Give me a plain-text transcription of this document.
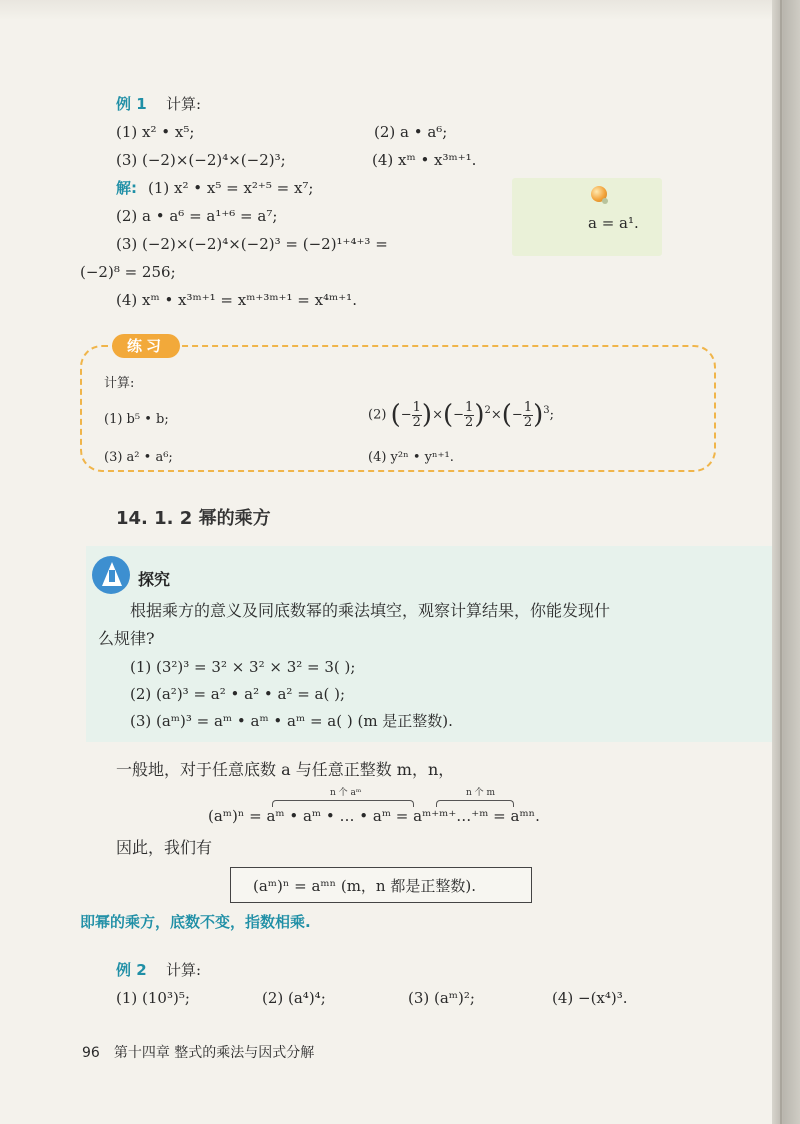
例 1 计算:
(1) x² • x⁵;	(2) a • a⁶;
(3) (−2)×(−2)⁴×(−2)³;	(4) xᵐ • x³ᵐ⁺¹.
解: (1) x² • x⁵ = x²⁺⁵ = x⁷;
(2) a • a⁶ = a¹⁺⁶ = a⁷;
(3) (−2)×(−2)⁴×(−2)³ = (−2)¹⁺⁴⁺³ =
(−2)⁸ = 256;
(4) xᵐ • x³ᵐ⁺¹ = xᵐ⁺³ᵐ⁺¹ = x⁴ᵐ⁺¹.
a = a¹.
练习
计算:
(1) b⁵ • b;	(2) (− $\frac{1}{2}$ )×(− $\frac{1}{2} )^2\times(- \frac{1}{2} )^3$;
(3) a² • a⁶;	(4) y²ⁿ • yⁿ⁺¹.
14. 1. 2 幂的乘方
探究
根据乘方的意义及同底数幂的乘法填空，观察计算结果，你能发现什
么规律?
(1) (3²)³ = 3² × 3² × 3² = 3( );
(2) (a²)³ = a² • a² • a² = a( );
(3) (aᵐ)³ = aᵐ • aᵐ • aᵐ = a( ) (m 是正整数).
一般地，对于任意底数 a 与任意正整数 m，n，
n 个 aᵐ	n 个 m
(aᵐ)ⁿ = aᵐ • aᵐ • … • aᵐ = aᵐ⁺ᵐ⁺…⁺ᵐ = aᵐⁿ.
因此，我们有
(aᵐ)ⁿ = aᵐⁿ (m，n 都是正整数).
即幂的乘方，底数不变，指数相乘.
例 2 计算:
(1) (10³)⁵;	(2) (a⁴)⁴;	(3) (aᵐ)²;	(4) −(x⁴)³.
96 第十四章 整式的乘法与因式分解
